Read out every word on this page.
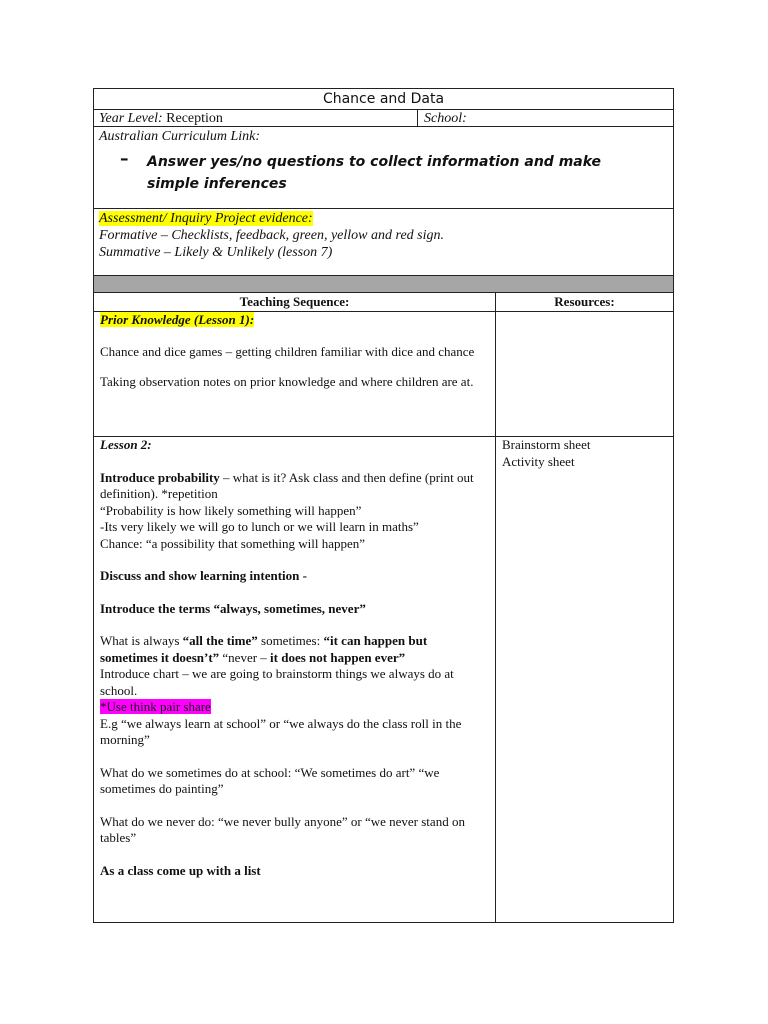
Chance and Data
Year Level: Reception	School:
Australian Curriculum Link:
– Answer yes/no questions to collect information and make simple inferences
Assessment/ Inquiry Project evidence:
Formative – Checklists, feedback, green, yellow and red sign.
Summative – Likely & Unlikely (lesson 7)
Teaching Sequence:	Resources:

Prior Knowledge (Lesson 1):

Chance and dice games – getting children familiar with dice and chance

Taking observation notes on prior knowledge and where children are at.

Lesson 2:

Introduce probability – what is it? Ask class and then define (print out definition). *repetition

“Probability is how likely something will happen”

-Its very likely we will go to lunch or we will learn in maths”

Chance: “a possibility that something will happen”

Discuss and show learning intention -

Introduce the terms “always, sometimes, never”

What is always “all the time” sometimes: “it can happen but sometimes it doesn’t” “never – it does not happen ever”

Introduce chart – we are going to brainstorm things we always do at school.

*Use think pair share

E.g “we always learn at school” or “we always do the class roll in the morning”

What do we sometimes do at school: “We sometimes do art” “we sometimes do painting”

What do we never do: “we never bully anyone” or “we never stand on tables”

As a class come up with a list

Brainstorm sheet

Activity sheet
